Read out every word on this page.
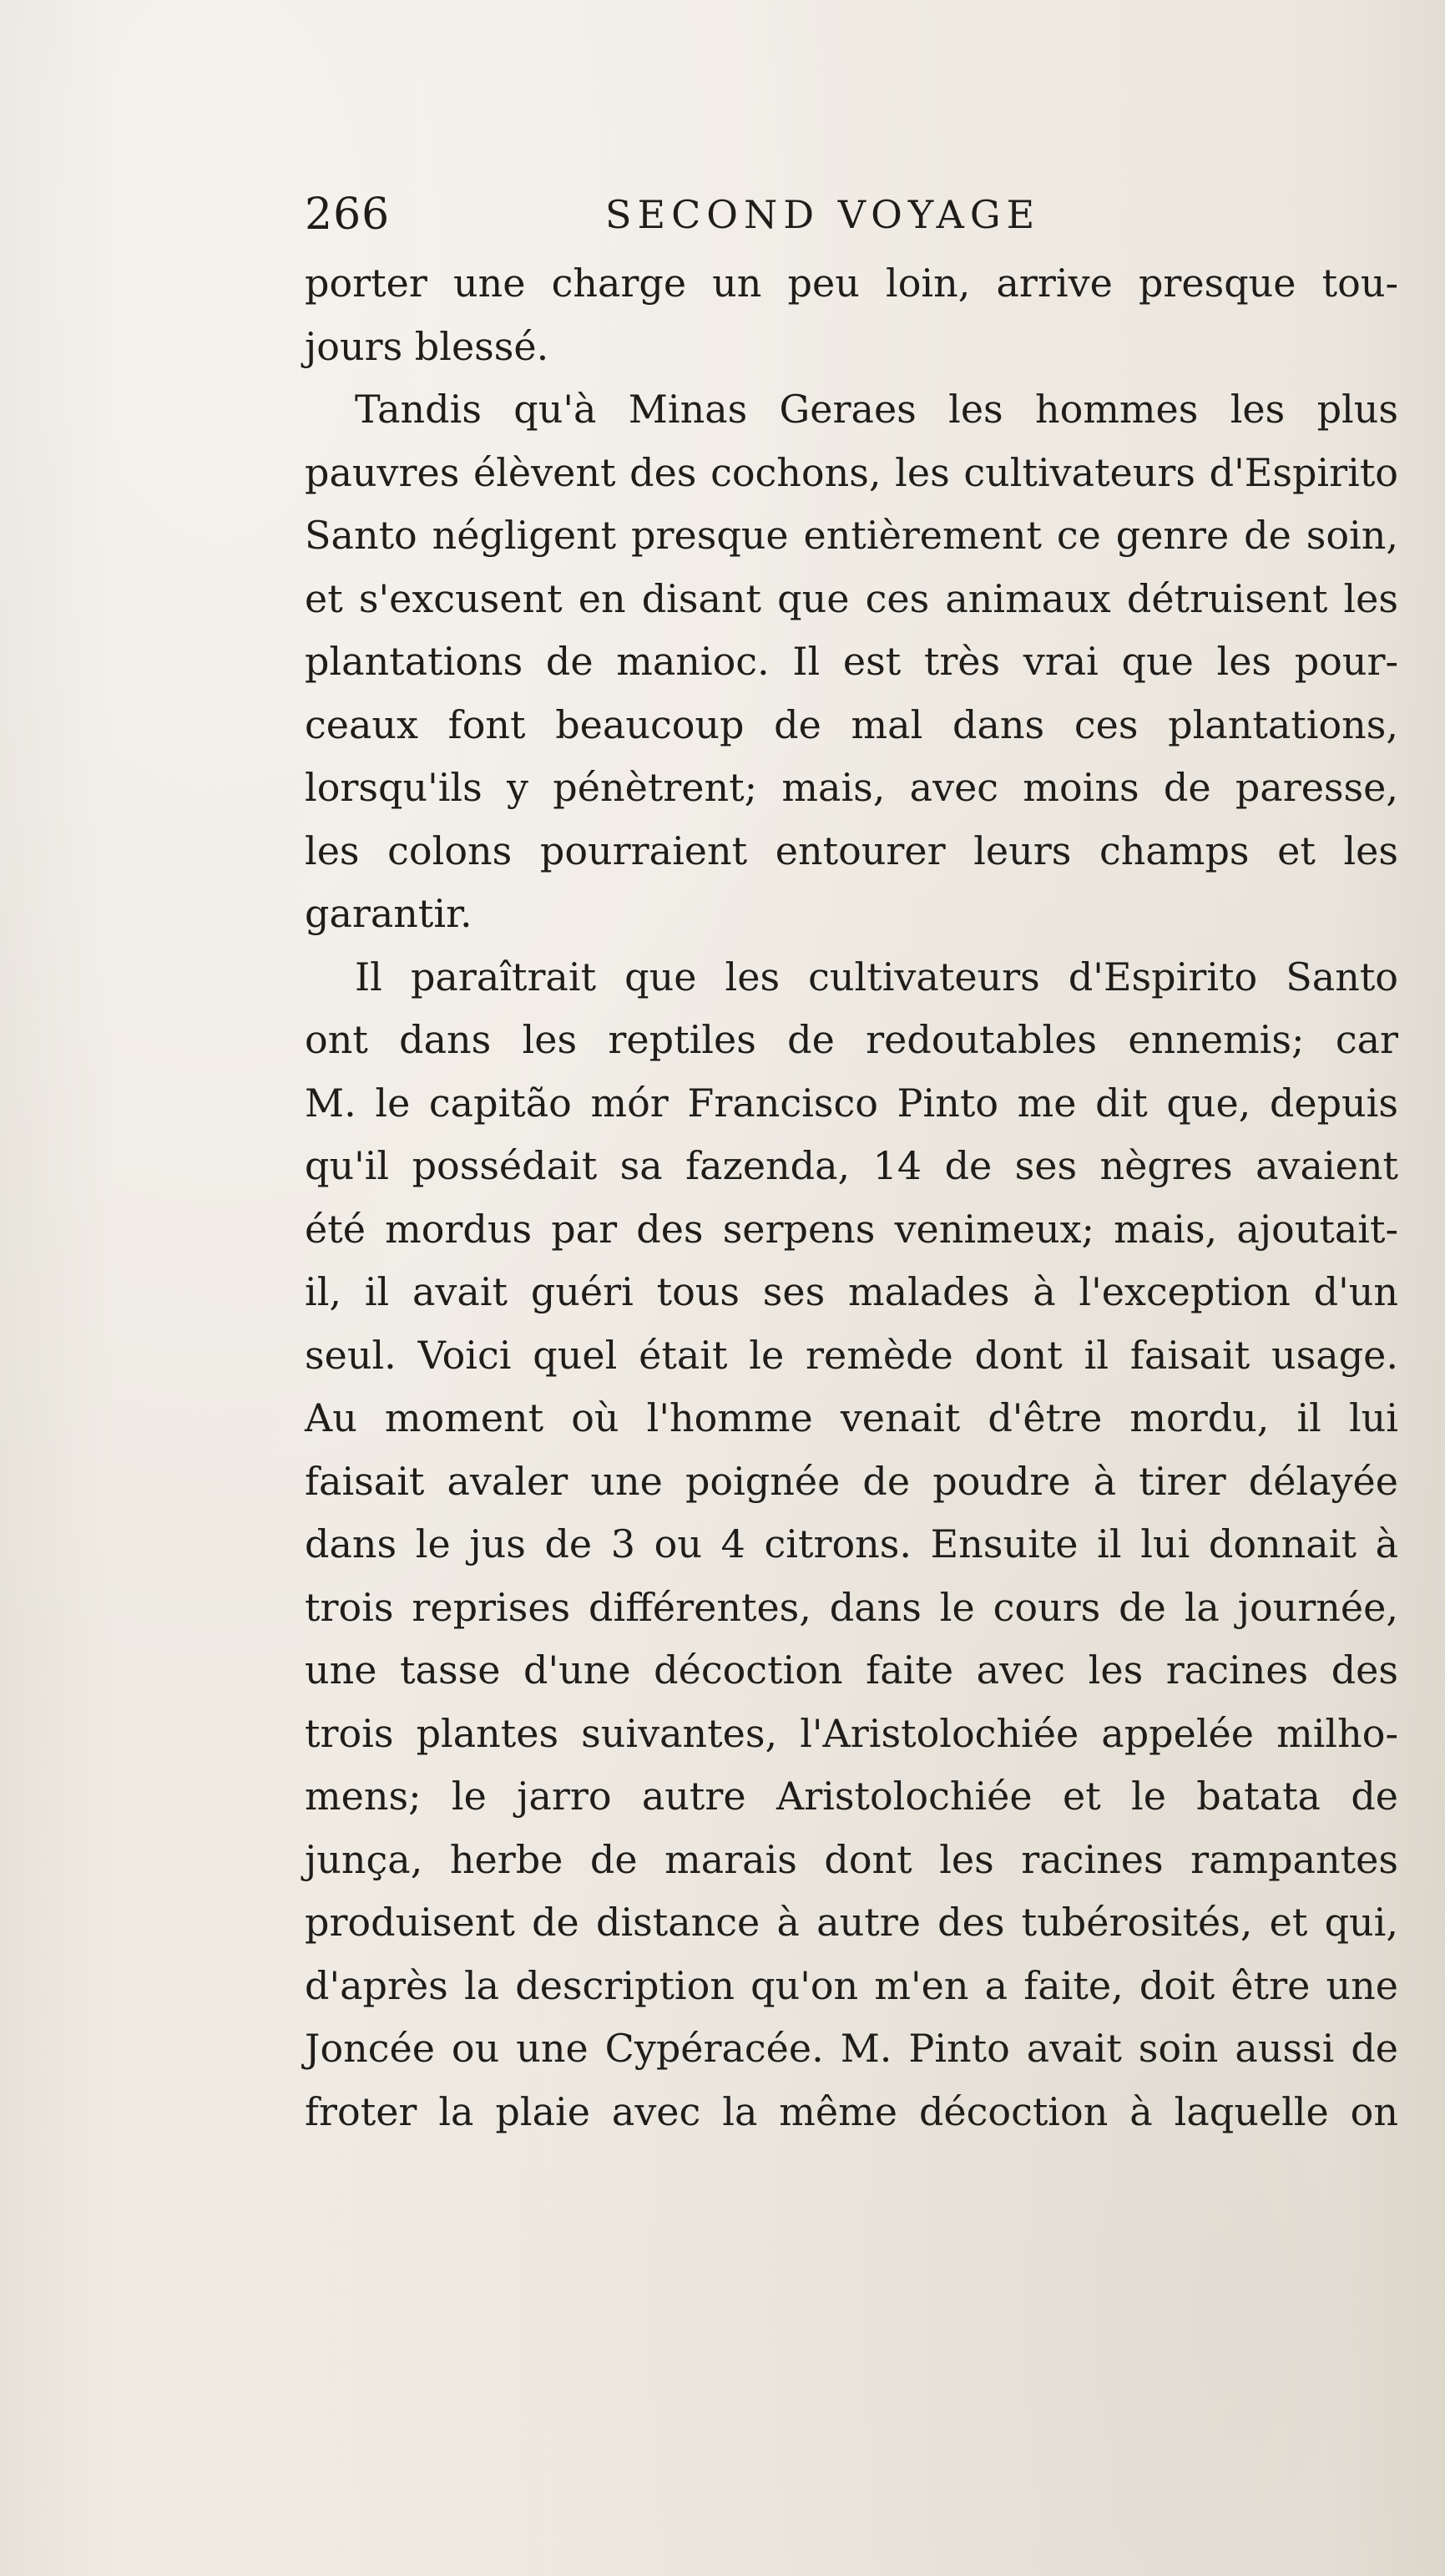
266	SECOND VOYAGE
porter une charge un peu loin, arrive presque tou-
jours blessé.
Tandis qu'à Minas Geraes les hommes les plus
pauvres élèvent des cochons, les cultivateurs d'Espirito
Santo négligent presque entièrement ce genre de soin,
et s'excusent en disant que ces animaux détruisent les
plantations de manioc. Il est très vrai que les pour-
ceaux font beaucoup de mal dans ces plantations,
lorsqu'ils y pénètrent; mais, avec moins de paresse,
les colons pourraient entourer leurs champs et les
garantir.
Il paraîtrait que les cultivateurs d'Espirito Santo
ont dans les reptiles de redoutables ennemis; car
M. le capitão mór Francisco Pinto me dit que, depuis
qu'il possédait sa fazenda, 14 de ses nègres avaient
été mordus par des serpens venimeux; mais, ajoutait-
il, il avait guéri tous ses malades à l'exception d'un
seul. Voici quel était le remède dont il faisait usage.
Au moment où l'homme venait d'être mordu, il lui
faisait avaler une poignée de poudre à tirer délayée
dans le jus de 3 ou 4 citrons. Ensuite il lui donnait à
trois reprises différentes, dans le cours de la journée,
une tasse d'une décoction faite avec les racines des
trois plantes suivantes, l'Aristolochiée appelée milho-
mens; le jarro autre Aristolochiée et le batata de
junça, herbe de marais dont les racines rampantes
produisent de distance à autre des tubérosités, et qui,
d'après la description qu'on m'en a faite, doit être une
Joncée ou une Cypéracée. M. Pinto avait soin aussi de
froter la plaie avec la même décoction à laquelle on
